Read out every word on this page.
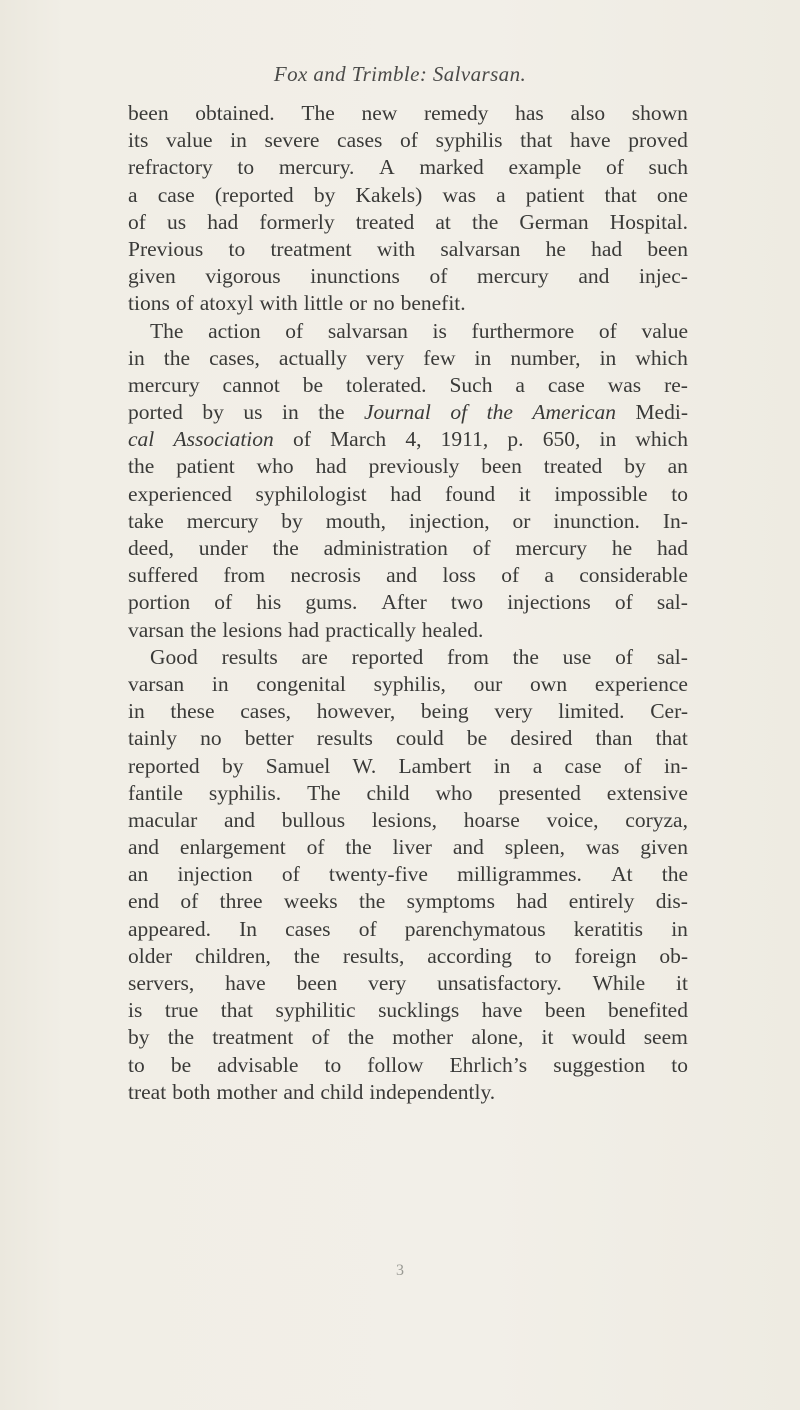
Fox and Trimble: Salvarsan.
been obtained. The new remedy has also shown
its value in severe cases of syphilis that have proved
refractory to mercury. A marked example of such
a case (reported by Kakels) was a patient that one
of us had formerly treated at the German Hospital.
Previous to treatment with salvarsan he had been
given vigorous inunctions of mercury and injec-
tions of atoxyl with little or no benefit.
The action of salvarsan is furthermore of value
in the cases, actually very few in number, in which
mercury cannot be tolerated. Such a case was re-
ported by us in the Journal of the American Medi-
cal Association of March 4, 1911, p. 650, in which
the patient who had previously been treated by an
experienced syphilologist had found it impossible to
take mercury by mouth, injection, or inunction. In-
deed, under the administration of mercury he had
suffered from necrosis and loss of a considerable
portion of his gums. After two injections of sal-
varsan the lesions had practically healed.
Good results are reported from the use of sal-
varsan in congenital syphilis, our own experience
in these cases, however, being very limited. Cer-
tainly no better results could be desired than that
reported by Samuel W. Lambert in a case of in-
fantile syphilis. The child who presented extensive
macular and bullous lesions, hoarse voice, coryza,
and enlargement of the liver and spleen, was given
an injection of twenty-five milligrammes. At the
end of three weeks the symptoms had entirely dis-
appeared. In cases of parenchymatous keratitis in
older children, the results, according to foreign ob-
servers, have been very unsatisfactory. While it
is true that syphilitic sucklings have been benefited
by the treatment of the mother alone, it would seem
to be advisable to follow Ehrlich’s suggestion to
treat both mother and child independently.
3
